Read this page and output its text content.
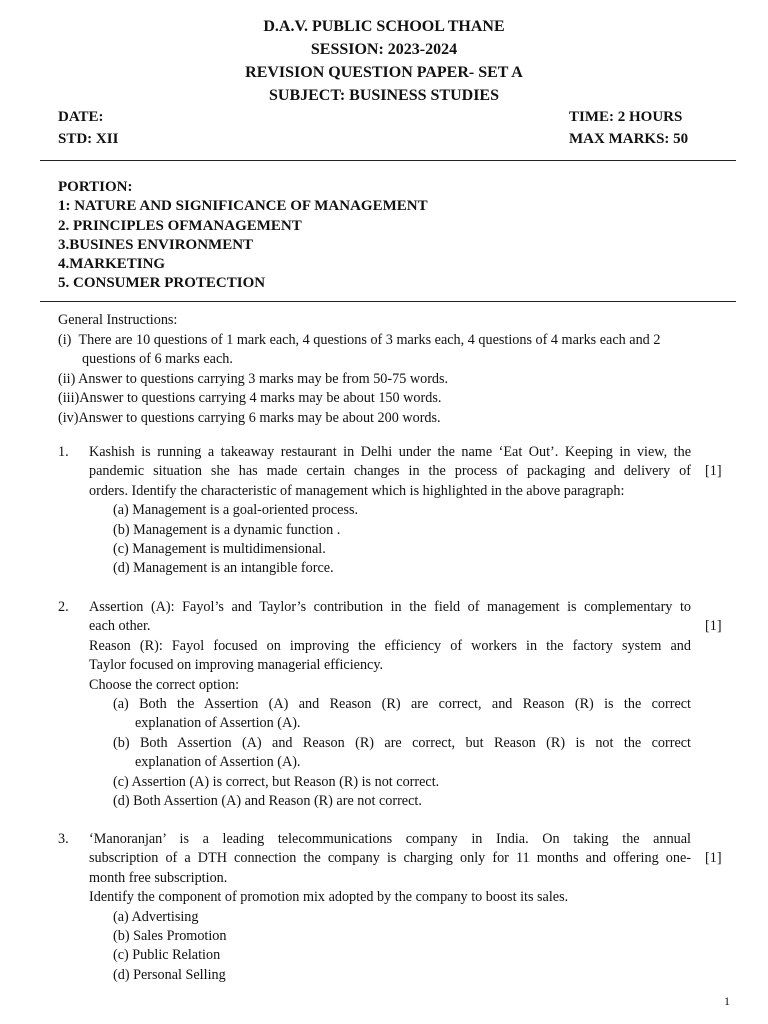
D.A.V. PUBLIC SCHOOL THANE
SESSION: 2023-2024
REVISION QUESTION PAPER- SET A
SUBJECT: BUSINESS STUDIES
DATE:	TIME: 2 HOURS
STD: XII	MAX MARKS: 50
PORTION:
1: NATURE AND SIGNIFICANCE OF MANAGEMENT
2. PRINCIPLES OFMANAGEMENT
3.BUSINES ENVIRONMENT
4.MARKETING
5. CONSUMER PROTECTION
General Instructions:
(i) There are 10 questions of 1 mark each, 4 questions of 3 marks each, 4 questions of 4 marks each and 2
questions of 6 marks each.
(ii) Answer to questions carrying 3 marks may be from 50-75 words.
(iii)Answer to questions carrying 4 marks may be about 150 words.
(iv)Answer to questions carrying 6 marks may be about 200 words.
1. Kashish is running a takeaway restaurant in Delhi under the name ‘Eat Out’. Keeping in view, the
pandemic situation she has made certain changes in the process of packaging and delivery of
orders. Identify the characteristic of management which is highlighted in the above paragraph:
(a) Management is a goal-oriented process.
(b) Management is a dynamic function .
(c) Management is multidimensional.
(d) Management is an intangible force.
[1]
2. Assertion (A): Fayol’s and Taylor’s contribution in the field of management is complementary to
each other.
Reason (R): Fayol focused on improving the efficiency of workers in the factory system and
Taylor focused on improving managerial efficiency.
Choose the correct option:
(a) Both the Assertion (A) and Reason (R) are correct, and Reason (R) is the correct
explanation of Assertion (A).
(b) Both Assertion (A) and Reason (R) are correct, but Reason (R) is not the correct
explanation of Assertion (A).
(c) Assertion (A) is correct, but Reason (R) is not correct.
(d) Both Assertion (A) and Reason (R) are not correct.
[1]
3. ‘Manoranjan’ is a leading telecommunications company in India. On taking the annual
subscription of a DTH connection the company is charging only for 11 months and offering one-
month free subscription.
Identify the component of promotion mix adopted by the company to boost its sales.
(a) Advertising
(b) Sales Promotion
(c) Public Relation
(d) Personal Selling
[1]
1
